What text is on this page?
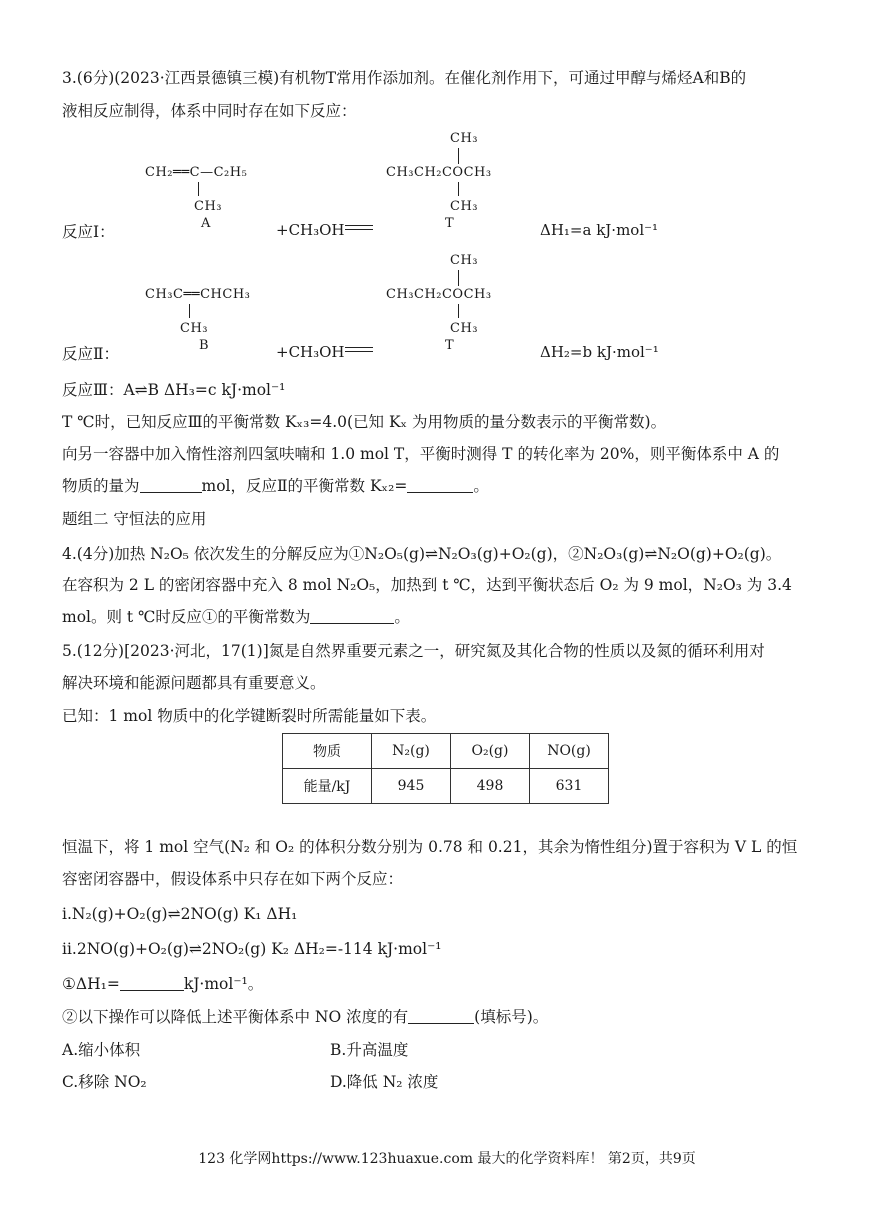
3.(6分)(2023·江西景德镇三模)有机物T常用作添加剂。在催化剂作用下，可通过甲醇与烯烃A和B的
液相反应制得，体系中同时存在如下反应：
CH₂══C—C₂H₅
CH₃
A
CH₃
CH₃CH₂COCH₃
CH₃
T
反应Ⅰ：	+CH₃OH	ΔH₁=a kJ·mol⁻¹
CH₃C══CHCH₃
CH₃
B
CH₃
CH₃CH₂COCH₃
CH₃
T
反应Ⅱ：	+CH₃OH	ΔH₂=b kJ·mol⁻¹
反应Ⅲ：A⇌B ΔH₃=c kJ·mol⁻¹
T ℃时，已知反应Ⅲ的平衡常数 Kₓ₃=4.0(已知 Kₓ 为用物质的量分数表示的平衡常数)。
向另一容器中加入惰性溶剂四氢呋喃和 1.0 mol T，平衡时测得 T 的转化率为 20%，则平衡体系中 A 的
物质的量为	mol，反应Ⅱ的平衡常数 Kₓ₂=	。
题组二 守恒法的应用
4.(4分)加热 N₂O₅ 依次发生的分解反应为①N₂O₅(g)⇌N₂O₃(g)+O₂(g)，②N₂O₃(g)⇌N₂O(g)+O₂(g)。
在容积为 2 L 的密闭容器中充入 8 mol N₂O₅，加热到 t ℃，达到平衡状态后 O₂ 为 9 mol，N₂O₃ 为 3.4
mol。则 t ℃时反应①的平衡常数为	。
5.(12分)[2023·河北，17(1)]氮是自然界重要元素之一，研究氮及其化合物的性质以及氮的循环利用对
解决环境和能源问题都具有重要意义。
已知：1 mol 物质中的化学键断裂时所需能量如下表。
物质	N₂(g)	O₂(g)	NO(g)
能量/kJ	945	498	631
恒温下，将 1 mol 空气(N₂ 和 O₂ 的体积分数分别为 0.78 和 0.21，其余为惰性组分)置于容积为 V L 的恒
容密闭容器中，假设体系中只存在如下两个反应：
ⅰ.N₂(g)+O₂(g)⇌2NO(g) K₁ ΔH₁
ⅱ.2NO(g)+O₂(g)⇌2NO₂(g) K₂ ΔH₂=-114 kJ·mol⁻¹
①ΔH₁=	kJ·mol⁻¹。
②以下操作可以降低上述平衡体系中 NO 浓度的有	(填标号)。
A.缩小体积	B.升高温度
C.移除 NO₂	D.降低 N₂ 浓度
123 化学网https://www.123huaxue.com 最大的化学资料库！ 第2页，共9页
